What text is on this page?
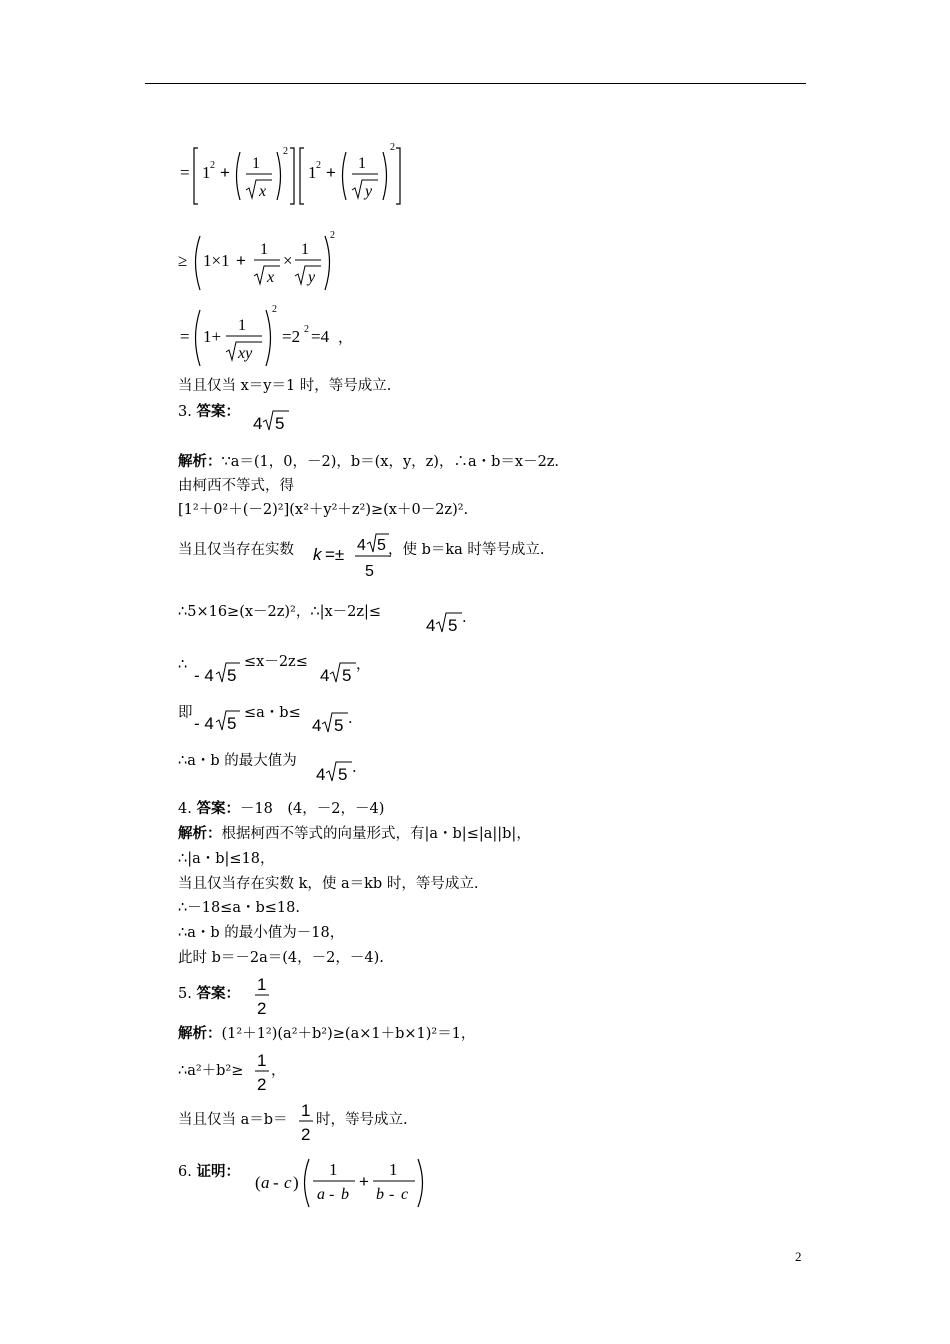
= 1 2 + 1
x
2
1 2 + 1
y
2
≥ 1×1 +
1
x
×
1
y
2
= 1+
1
xy
2
=2 2 =4 ，
当且仅当 x＝y＝1 时，等号成立.
3. 答案：
4 5
解析：∵a＝(1，0，－2)，b＝(x，y，z)，∴a・b＝x－2z.
由柯西不等式，得
[1²＋0²＋(－2)²](x²＋y²＋z²)≥(x＋0－2z)².
当且仅当存在实数 k =± 4 5
5
，使 b＝ka 时等号成立.
∴5×16≥(x－2z)²，∴|x－2z|≤
4 5 .
∴
- 4 5
≤x－2z≤
4 5
，
即
- 4 5
≤a・b≤
4 5 .
∴a・b 的最大值为
4 5 .
4. 答案：－18　(4，－2，－4)
解析：根据柯西不等式的向量形式，有|a・b|≤|a||b|，
∴|a・b|≤18，
当且仅当存在实数 k，使 a＝kb 时，等号成立.
∴－18≤a・b≤18.
∴a・b 的最小值为－18，
此时 b＝－2a＝(4，－2，－4).
5. 答案： 1
2
解析：(1²＋1²)(a²＋b²)≥(a×1＋b×1)²＝1，
∴a²＋b²≥
1
2
，
当且仅当 a＝b＝ 1
2
时，等号成立.
6. 证明：
( a - c )
1
a - b
+
1
b - c
2
